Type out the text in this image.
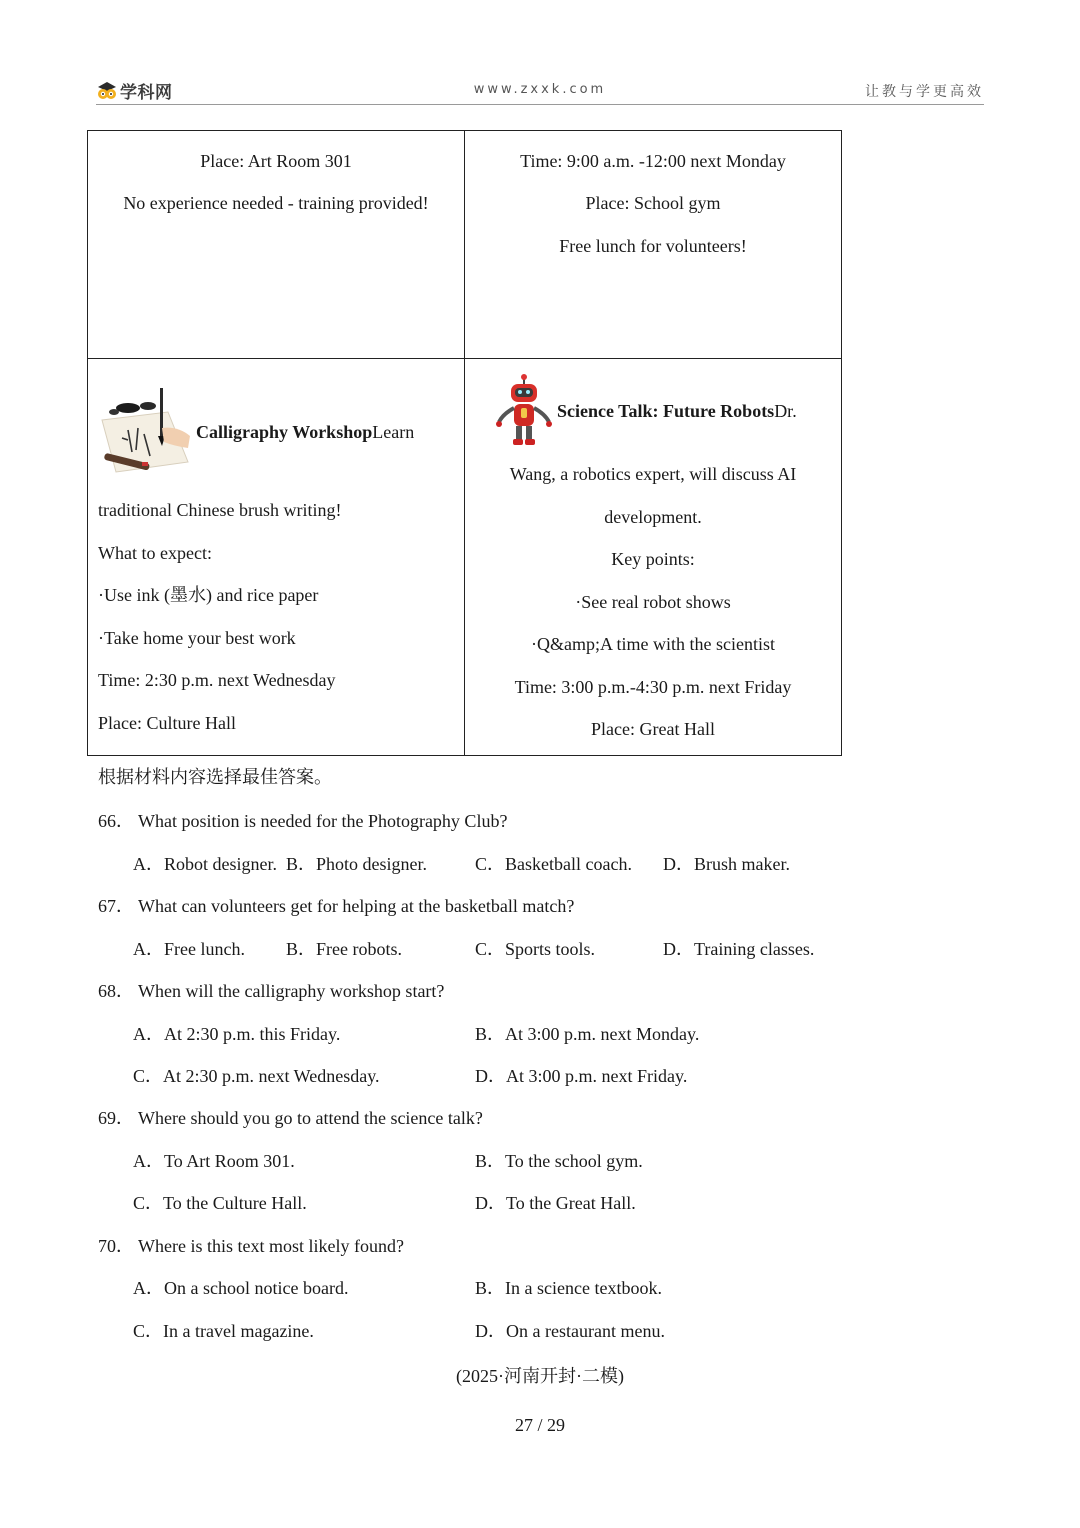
学科网	www.zxxk.com	让教与学更高效
Place: Art Room 301
No experience needed - training provided!
Time: 9:00 a.m. -12:00 next Monday
Place: School gym
Free lunch for volunteers!
Calligraphy WorkshopLearn
traditional Chinese brush writing!
What to expect:
·Use ink (墨水) and rice paper
·Take home your best work
Time: 2:30 p.m. next Wednesday
Place: Culture Hall
Science Talk: Future RobotsDr.
Wang, a robotics expert, will discuss AI
development.
Key points:
·See real robot shows
·Q&amp;A time with the scientist
Time: 3:00 p.m.-4:30 p.m. next Friday
Place: Great Hall
根据材料内容选择最佳答案。
66． What position is needed for the Photography Club?
A．Robot designer. B．Photo designer.	C．Basketball coach. D．Brush maker.
67． What can volunteers get for helping at the basketball match?
A．Free lunch. B．Free robots.	C．Sports tools.	D．Training classes.
68． When will the calligraphy workshop start?
A．At 2:30 p.m. this Friday.	B．At 3:00 p.m. next Monday.
C．At 2:30 p.m. next Wednesday.	D．At 3:00 p.m. next Friday.
69． Where should you go to attend the science talk?
A．To Art Room 301.	B．To the school gym.
C．To the Culture Hall.	D．To the Great Hall.
70． Where is this text most likely found?
A．On a school notice board.	B．In a science textbook.
C．In a travel magazine.	D．On a restaurant menu.
(2025·河南开封·二模)
27 / 29
